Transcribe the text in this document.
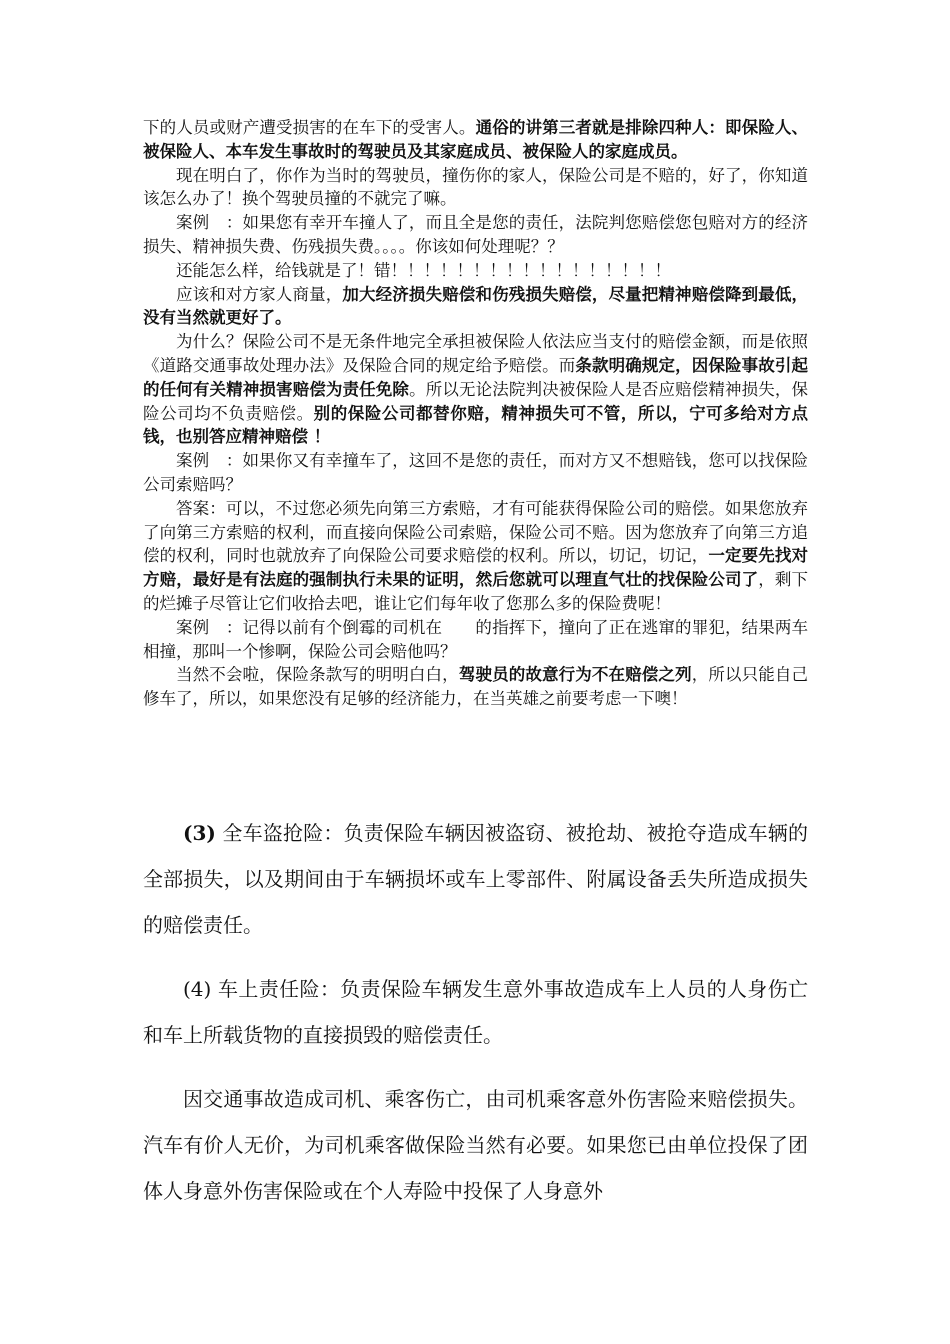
下的人员或财产遭受损害的在车下的受害人。通俗的讲第三者就是排除四种人：即保险人、被保险人、本车发生事故时的驾驶员及其家庭成员、被保险人的家庭成员。

现在明白了，你作为当时的驾驶员，撞伤你的家人，保险公司是不赔的，好了，你知道该怎么办了！换个驾驶员撞的不就完了嘛。

案例　：如果您有幸开车撞人了，而且全是您的责任，法院判您赔偿您包赔对方的经济损失、精神损失费、伤残损失费。。。。你该如何处理呢？？

还能怎么样，给钱就是了！错！！！！！！！！！！！！！！！！！

应该和对方家人商量，加大经济损失赔偿和伤残损失赔偿，尽量把精神赔偿降到最低，没有当然就更好了。

为什么？保险公司不是无条件地完全承担被保险人依法应当支付的赔偿金额，而是依照《道路交通事故处理办法》及保险合同的规定给予赔偿。而条款明确规定，因保险事故引起的任何有关精神损害赔偿为责任免除。所以无论法院判决被保险人是否应赔偿精神损失，保险公司均不负责赔偿。别的保险公司都替你赔，精神损失可不管，所以，宁可多给对方点钱，也别答应精神赔偿 ！

案例　：如果你又有幸撞车了，这回不是您的责任，而对方又不想赔钱，您可以找保险公司索赔吗？

答案：可以，不过您必须先向第三方索赔，才有可能获得保险公司的赔偿。如果您放弃了向第三方索赔的权利，而直接向保险公司索赔，保险公司不赔。因为您放弃了向第三方追偿的权利，同时也就放弃了向保险公司要求赔偿的权利。所以，切记，切记，一定要先找对方赔，最好是有法庭的强制执行未果的证明，然后您就可以理直气壮的找保险公司了，剩下的烂摊子尽管让它们收拾去吧，谁让它们每年收了您那么多的保险费呢！

案例　：记得以前有个倒霉的司机在　　的指挥下，撞向了正在逃窜的罪犯，结果两车相撞，那叫一个惨啊，保险公司会赔他吗？

当然不会啦，保险条款写的明明白白，驾驶员的故意行为不在赔偿之列，所以只能自己修车了，所以，如果您没有足够的经济能力，在当英雄之前要考虑一下噢！

(3) 全车盗抢险：负责保险车辆因被盗窃、被抢劫、被抢夺造成车辆的全部损失，以及期间由于车辆损坏或车上零部件、附属设备丢失所造成损失的赔偿责任。

(4) 车上责任险：负责保险车辆发生意外事故造成车上人员的人身伤亡和车上所载货物的直接损毁的赔偿责任。

因交通事故造成司机、乘客伤亡，由司机乘客意外伤害险来赔偿损失。汽车有价人无价，为司机乘客做保险当然有必要。如果您已由单位投保了团体人身意外伤害保险或在个人寿险中投保了人身意外
